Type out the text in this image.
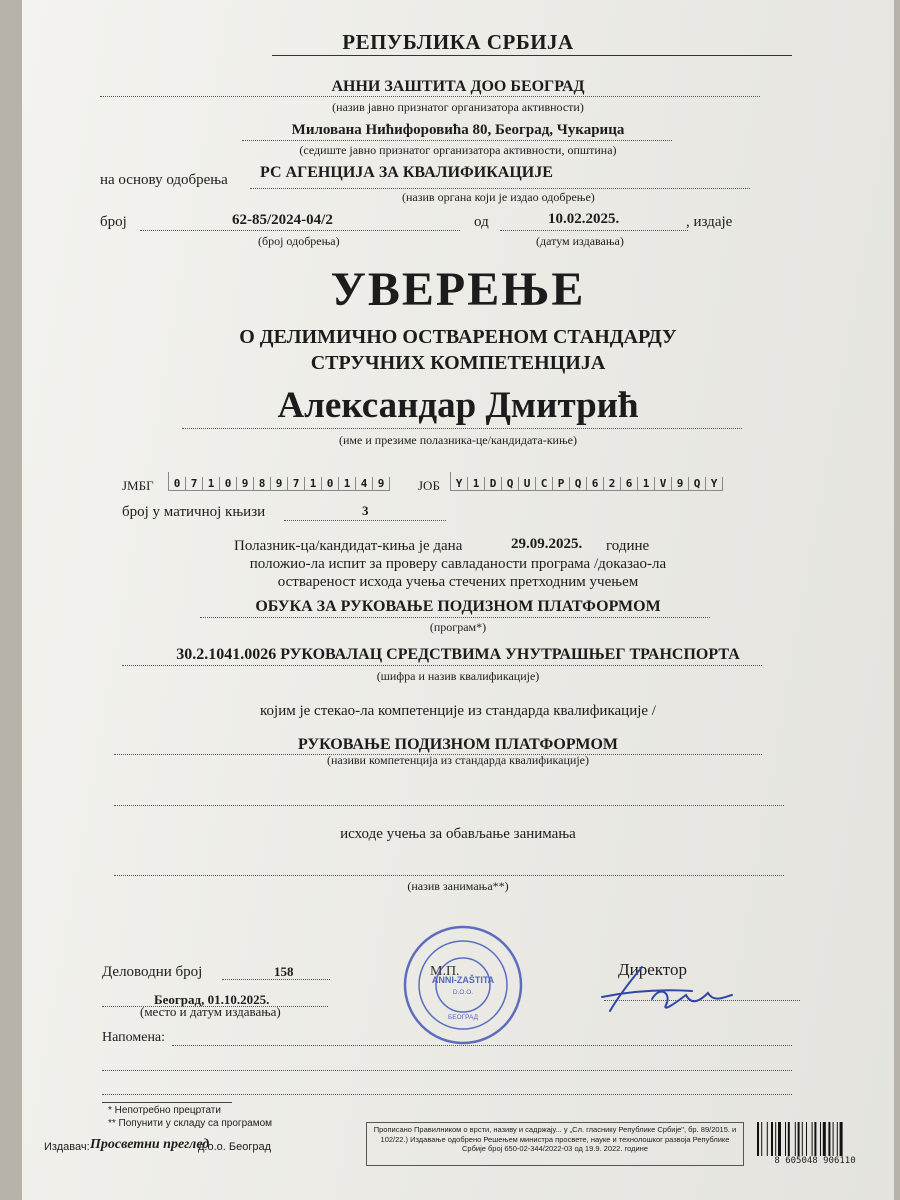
РЕПУБЛИКА СРБИЈА
АННИ ЗАШТИТА ДОО БЕОГРАД
(назив јавно признатог организатора активности)
Милована Нићифоровића 80, Београд, Чукарица
(седиште јавно признатог организатора активности, општина)
на основу одобрења РС АГЕНЦИЈА ЗА КВАЛИФИКАЦИЈЕ
(назив органа који је издао одобрење)
број	62-85/2024-04/2
(број одобрења)
од	10.02.2025.
(датум издавања)
, издаје
УВЕРЕЊЕ
О ДЕЛИМИЧНО ОСТВАРЕНОМ СТАНДАРДУ
СТРУЧНИХ КОМПЕТЕНЦИЈА
Александар Дмитрић
(име и презиме полазника-це/кандидата-киње)
ЈМБГ	0 7 1 0 9 8 9 7 1 0 1 4 9	ЈОБ	Y 1 D Q U C P Q 6 2 6 1 V 9 Q Y
број у матичној књизи	3
Полазник-ца/кандидат-киња је дана	29.09.2025. године
положио-ла испит за проверу савладаности програма /доказао-ла
оствареност исхода учења стечених претходним учењем
ОБУКА ЗА РУКОВАЊЕ ПОДИЗНОМ ПЛАТФОРМОМ
(програм*)
30.2.1041.0026 РУКОВАЛАЦ СРЕДСТВИМА УНУТРАШЊЕГ ТРАНСПОРТА
(шифра и назив квалификације)
којим је стекао-ла компетенције из стандарда квалификације /
РУКОВАЊЕ ПОДИЗНОМ ПЛАТФОРМОМ
(називи компетенција из стандарда квалификације)
исходе учења за обављање занимања
(назив занимања**)
Деловодни број	158
Београд, 01.10.2025.
(место и датум издавања)
ANNI-ZAŠTITA
D.O.O.
БЕОГРАД
М.П.	Директор
Напомена:
* Непотребно прецртати
** Попунити у складу са програмом
Издавач: Просветни преглед
д.о.о. Београд
Прописано Правилником о врсти, називу и садржају... у „Сл. гласнику Републике Србије", бр. 89/2015. и 102/22.) Издавање одобрено Решењем министра просвете, науке и технолошког развоја Републике Србије број 650-02-344/2022-03 од 19.9. 2022. године
8 605048 906110
